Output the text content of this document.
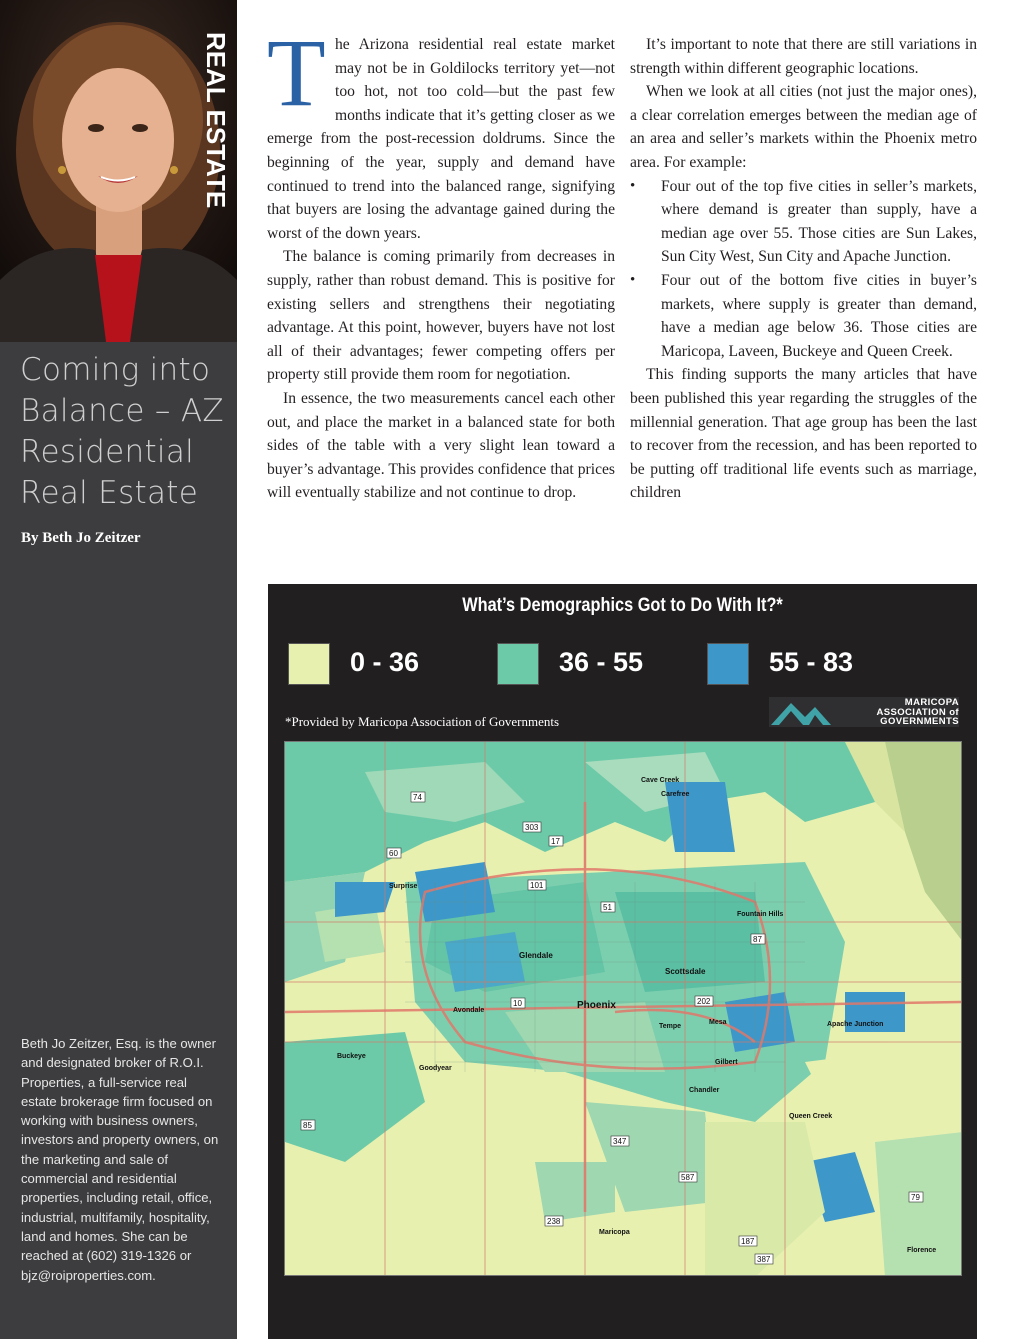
REAL ESTATE
Coming into Balance – AZ Residential Real Estate
By Beth Jo Zeitzer
Beth Jo Zeitzer, Esq. is the owner and designated broker of R.O.I. Properties, a full-service real estate brokerage firm focused on working with business owners, investors and property owners, on the marketing and sale of commercial and residential properties, including retail, office, industrial, multifamily, hospitality, land and homes. She can be reached at (602) 319-1326 or bjz@roiproperties.com.

The Arizona residential real estate market may not be in Goldilocks territory yet—not too hot, not too cold—but the past few months indicate that it’s getting closer as we emerge from the post-recession doldrums. Since the beginning of the year, supply and demand have continued to trend into the balanced range, signifying that buyers are losing the advantage gained during the worst of the down years.

The balance is coming primarily from decreases in supply, rather than robust demand. This is positive for existing sellers and strengthens their negotiating advantage. At this point, however, buyers have not lost all of their advantages; fewer competing offers per property still provide them room for negotiation.

In essence, the two measurements cancel each other out, and place the market in a balanced state for both sides of the table with a very slight lean toward a buyer’s advantage. This provides confidence that prices will eventually stabilize and not continue to drop.

It’s important to note that there are still variations in strength within different geographic locations.

When we look at all cities (not just the major ones), a clear correlation emerges between the median age of an area and seller’s markets within the Phoenix metro area. For example:

• Four out of the top five cities in seller’s markets, where demand is greater than supply, have a median age over 55. Those cities are Sun Lakes, Sun City West, Sun City and Apache Junction.
• Four out of the bottom five cities in buyer’s markets, where supply is greater than demand, have a median age below 36. Those cities are Maricopa, Laveen, Buckeye and Queen Creek.

This finding supports the many articles that have been published this year regarding the struggles of the millennial generation. That age group has been the last to recover from the recession, and has been reported to be putting off traditional life events such as marriage, children

What’s Demographics Got to Do With It?*
0 - 36	36 - 55	55 - 83
*Provided by Maricopa Association of Governments
MARICOPA ASSOCIATION of GOVERNMENTS
74
303
17
60
101
51
87
202
10
85
347
587
238
187
79
387
Phoenix
Scottsdale
Glendale
Mesa
Tempe
Gilbert
Chandler
Surprise
Buckeye
Goodyear
Avondale
Fountain Hills
Apache Junction
Queen Creek
Maricopa
Florence
Cave Creek
Carefree
